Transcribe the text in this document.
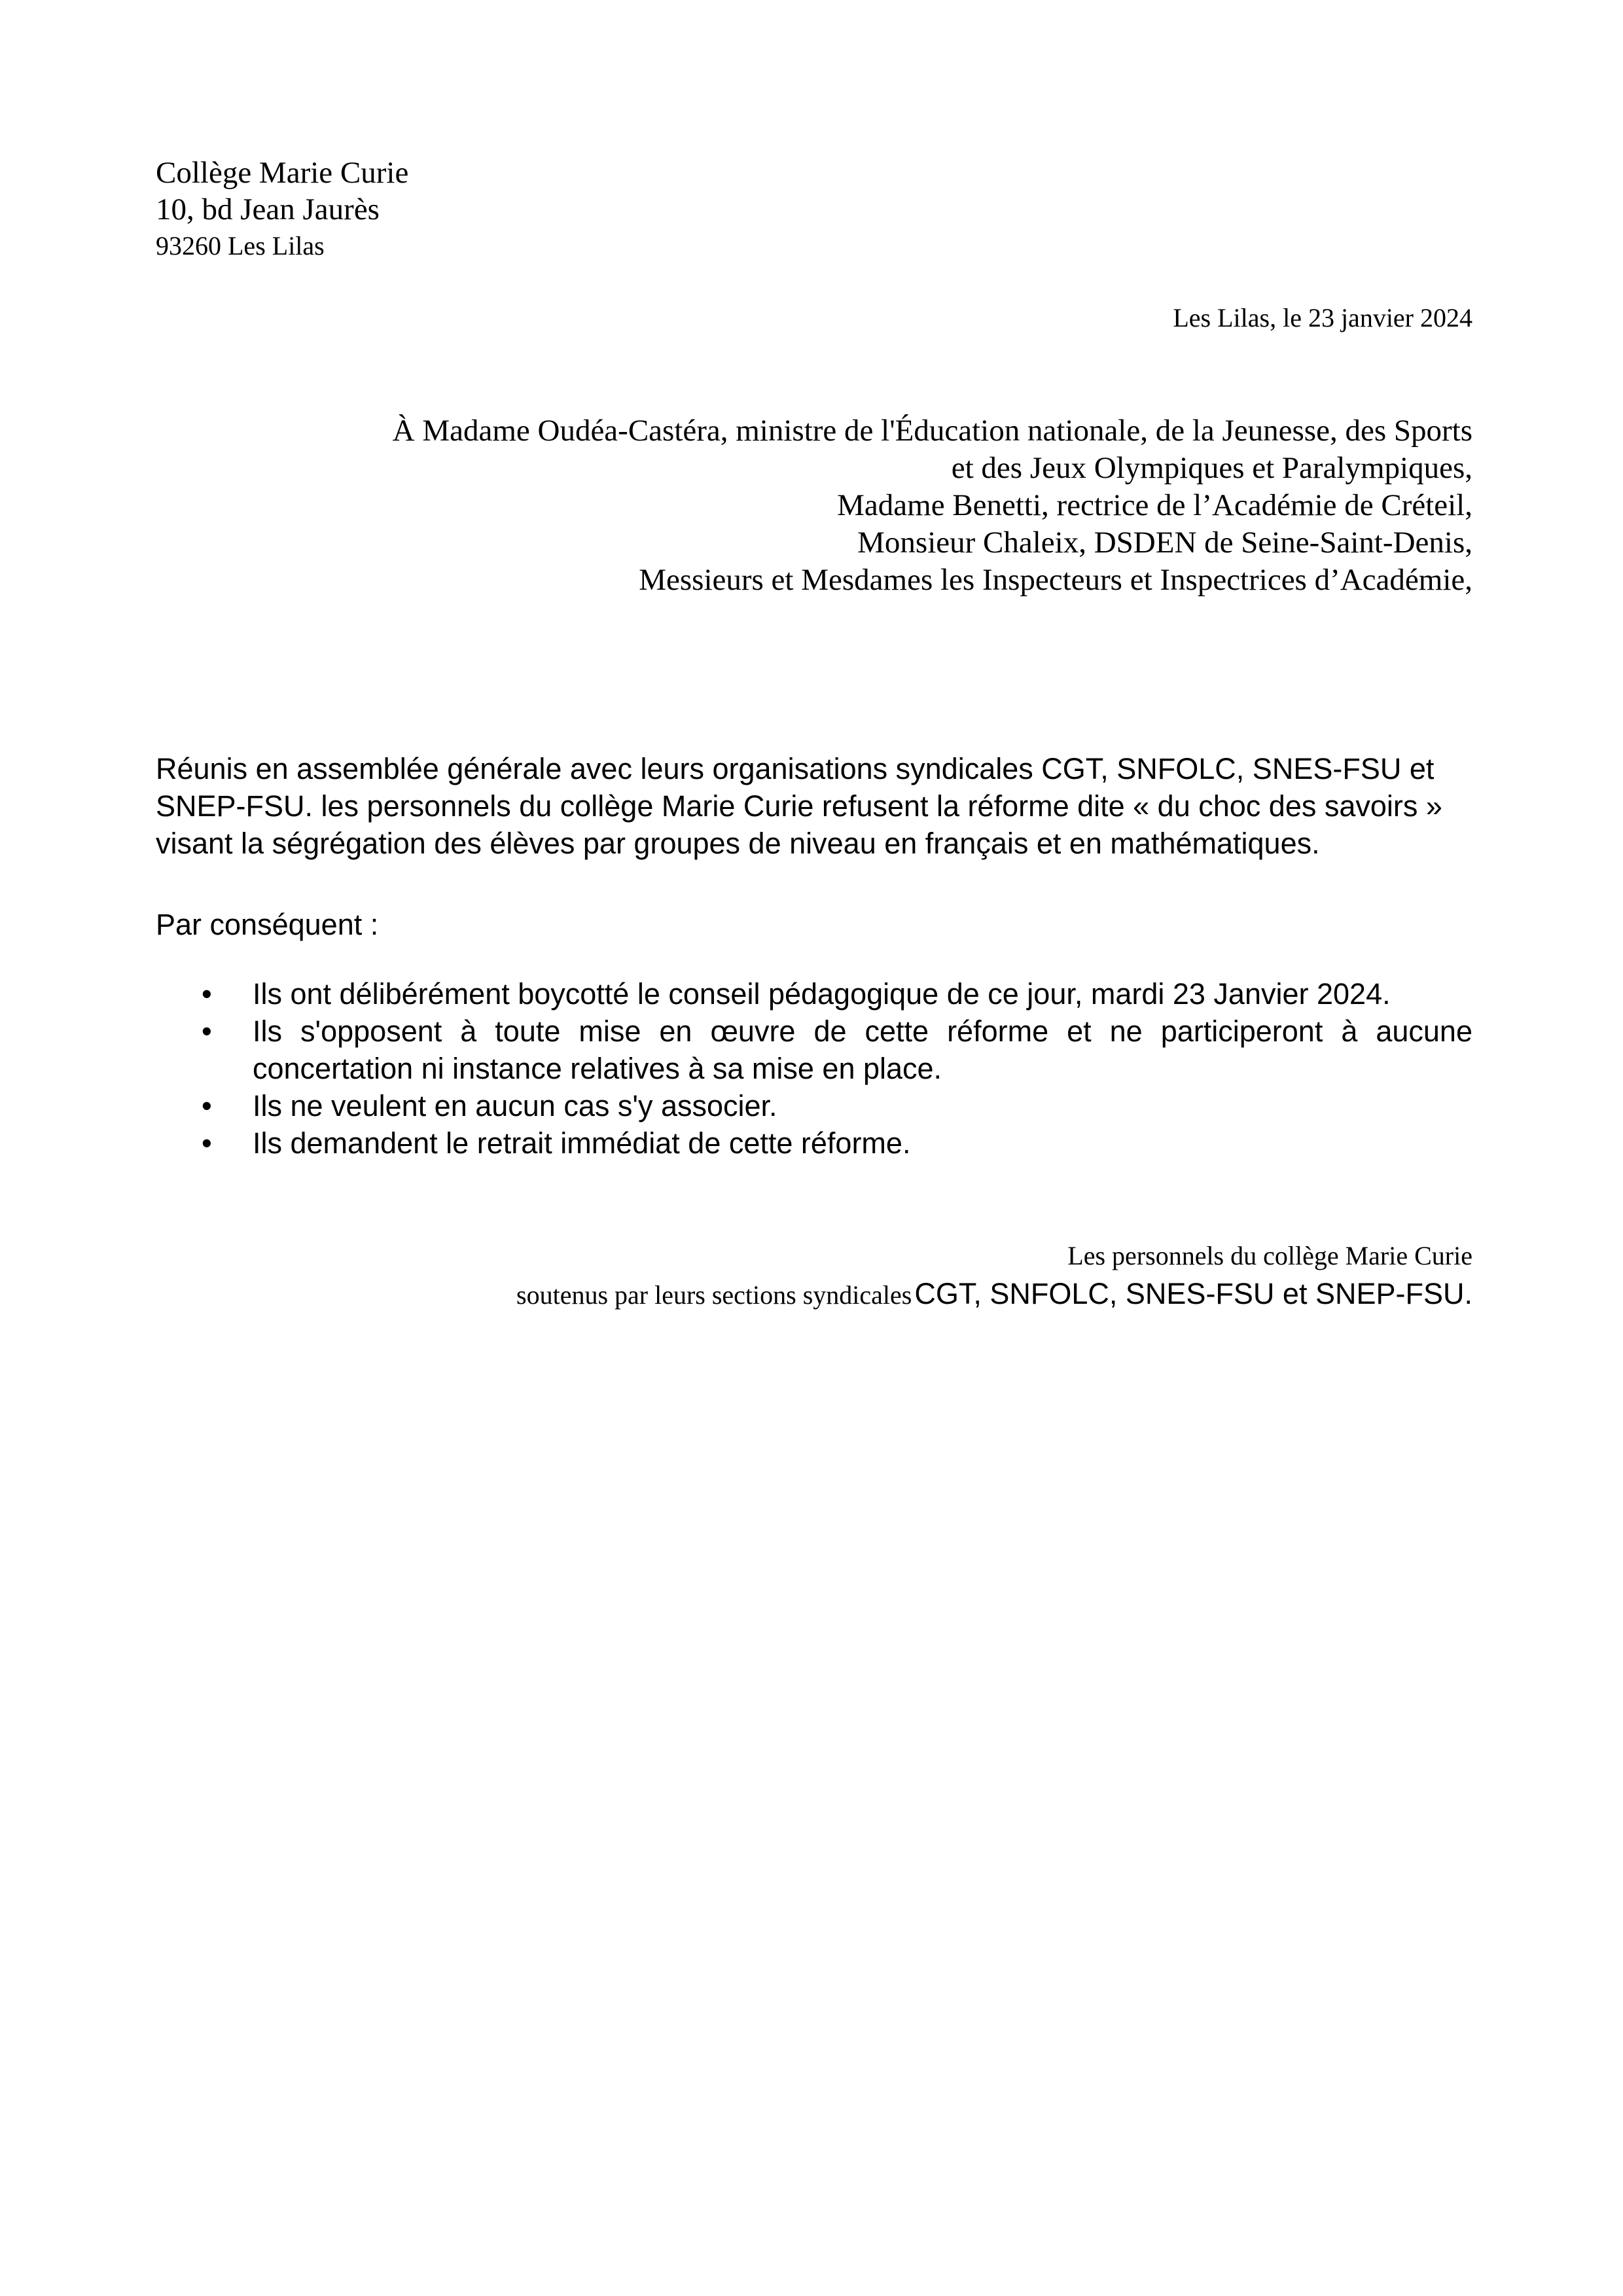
Collège Marie Curie
10, bd Jean Jaurès
93260 Les Lilas
Les Lilas, le 23 janvier 2024
À Madame Oudéa-Castéra, ministre de l'Éducation nationale, de la Jeunesse, des Sports
et des Jeux Olympiques et Paralympiques,
Madame Benetti, rectrice de l’Académie de Créteil,
Monsieur Chaleix, DSDEN de Seine-Saint-Denis,
Messieurs et Mesdames les Inspecteurs et Inspectrices d’Académie,
Réunis en assemblée générale avec leurs organisations syndicales CGT, SNFOLC, SNES-FSU et
SNEP-FSU. les personnels du collège Marie Curie refusent la réforme dite « du choc des savoirs »
visant la ségrégation des élèves par groupes de niveau en français et en mathématiques.
Par conséquent :
• Ils ont délibérément boycotté le conseil pédagogique de ce jour, mardi 23 Janvier 2024.
• Ils s'opposent à toute mise en œuvre de cette réforme et ne participeront à aucune concertation ni instance relatives à sa mise en place.
• Ils ne veulent en aucun cas s'y associer.
• Ils demandent le retrait immédiat de cette réforme.
Les personnels du collège Marie Curie
soutenus par leurs sections syndicales CGT, SNFOLC, SNES-FSU et SNEP-FSU.
